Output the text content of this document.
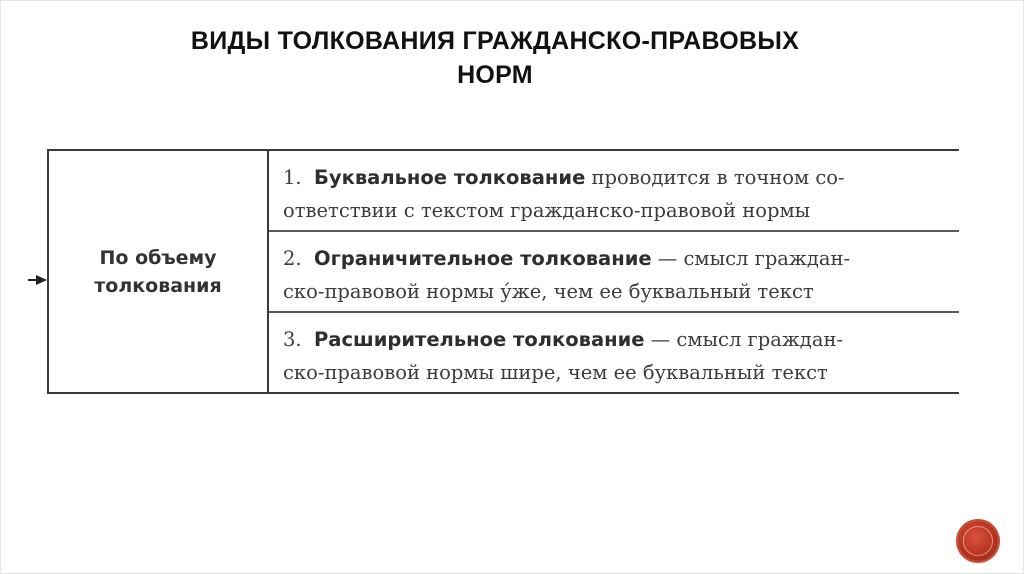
ВИДЫ ТОЛКОВАНИЯ ГРАЖДАНСКО-ПРАВОВЫХ
НОРМ
По объему
толкования
1. Буквальное толкование проводится в точном со-
ответствии с текстом гражданско-правовой нормы
2. Ограничительное толкование — смысл граждан-
ско-правовой нормы у́же, чем ее буквальный текст
3. Расширительное толкование — смысл граждан-
ско-правовой нормы шире, чем ее буквальный текст
